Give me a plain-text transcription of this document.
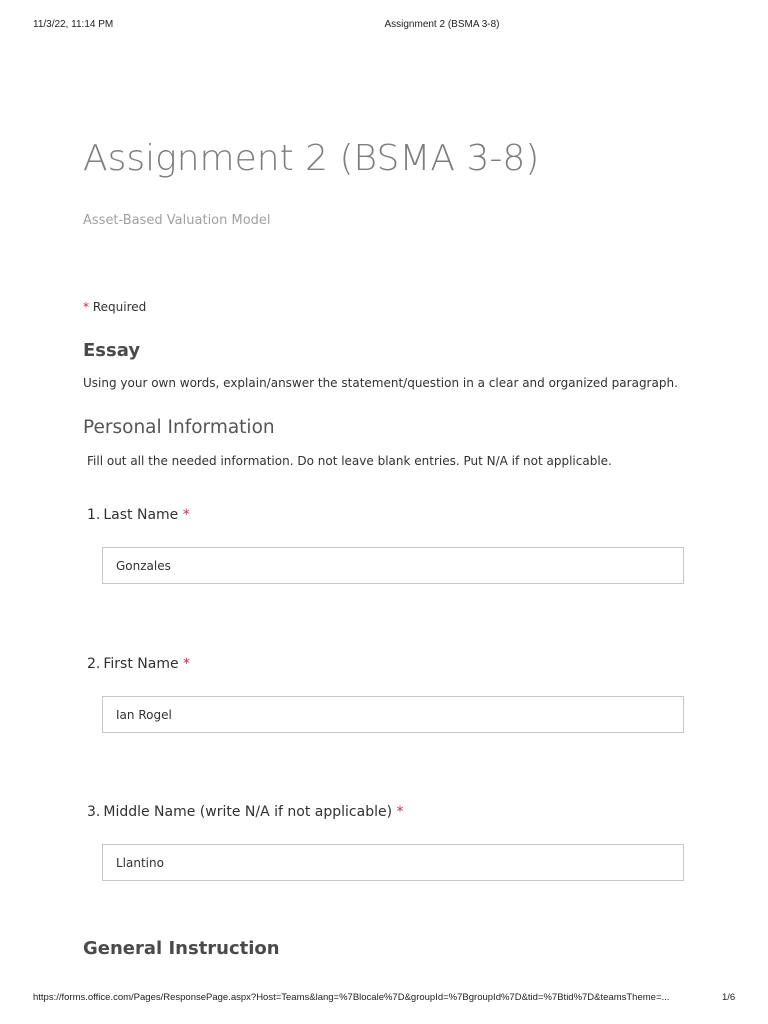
11/3/22, 11:14 PM	Assignment 2 (BSMA 3-8)
Assignment 2 (BSMA 3-8)
Asset-Based Valuation Model
* Required
Essay
Using your own words, explain/answer the statement/question in a clear and organized paragraph.
Personal Information
Fill out all the needed information. Do not leave blank entries. Put N/A if not applicable.
1. Last Name *
Gonzales
2. First Name *
Ian Rogel
3. Middle Name (write N/A if not applicable) *
Llantino
General Instruction
https://forms.office.com/Pages/ResponsePage.aspx?Host=Teams&lang=%7Blocale%7D&groupId=%7BgroupId%7D&tid=%7Btid%7D&teamsTheme=...	1/6
